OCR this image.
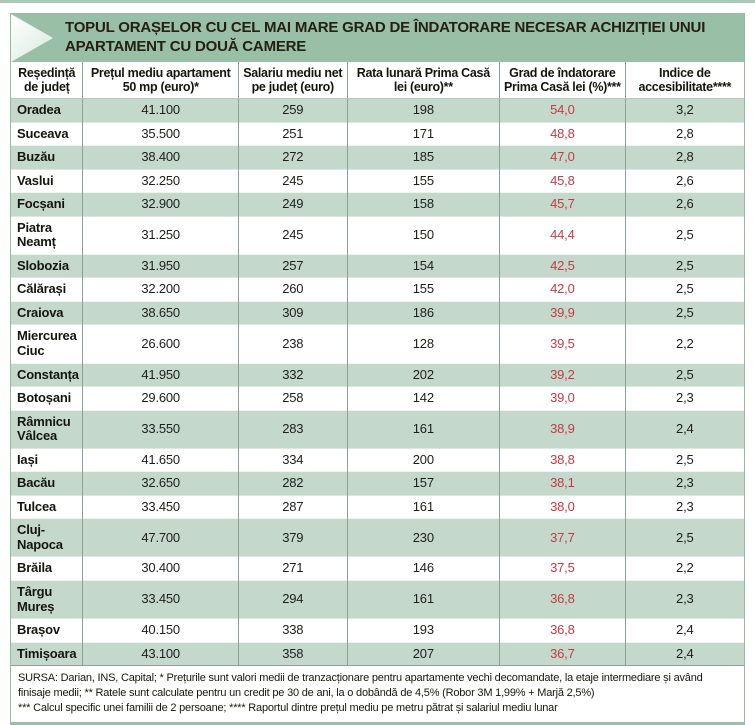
TOPUL ORAȘELOR CU CEL MAI MARE GRAD DE ÎNDATORARE NECESAR ACHIZIȚIEI UNUI APARTAMENT CU DOUĂ CAMERE
Reședință de județ	Prețul mediu apartament 50 mp (euro)*	Salariu mediu net pe județ (euro)	Rata lunară Prima Casă lei (euro)**	Grad de îndatorare Prima Casă lei (%)***	Indice de accesibilitate****
Oradea	41.100	259	198	54,0	3,2
Suceava	35.500	251	171	48,8	2,8
Buzău	38.400	272	185	47,0	2,8
Vaslui	32.250	245	155	45,8	2,6
Focșani	32.900	249	158	45,7	2,6
Piatra Neamț	31.250	245	150	44,4	2,5
Slobozia	31.950	257	154	42,5	2,5
Călărași	32.200	260	155	42,0	2,5
Craiova	38.650	309	186	39,9	2,5
Miercurea Ciuc	26.600	238	128	39,5	2,2
Constanța	41.950	332	202	39,2	2,5
Botoșani	29.600	258	142	39,0	2,3
Râmnicu Vâlcea	33.550	283	161	38,9	2,4
Iași	41.650	334	200	38,8	2,5
Bacău	32.650	282	157	38,1	2,3
Tulcea	33.450	287	161	38,0	2,3
Cluj-Napoca	47.700	379	230	37,7	2,5
Brăila	30.400	271	146	37,5	2,2
Târgu Mureș	33.450	294	161	36,8	2,3
Brașov	40.150	338	193	36,8	2,4
Timișoara	43.100	358	207	36,7	2,4
SURSA: Darian, INS, Capital; * Prețurile sunt valori medii de tranzacționare pentru apartamente vechi decomandate, la etaje intermediare și având
finisaje medii; ** Ratele sunt calculate pentru un credit pe 30 de ani, la o dobândă de 4,5% (Robor 3M 1,99% + Marjă 2,5%)
*** Calcul specific unei familii de 2 persoane; **** Raportul dintre prețul mediu pe metru pătrat și salariul mediu lunar
